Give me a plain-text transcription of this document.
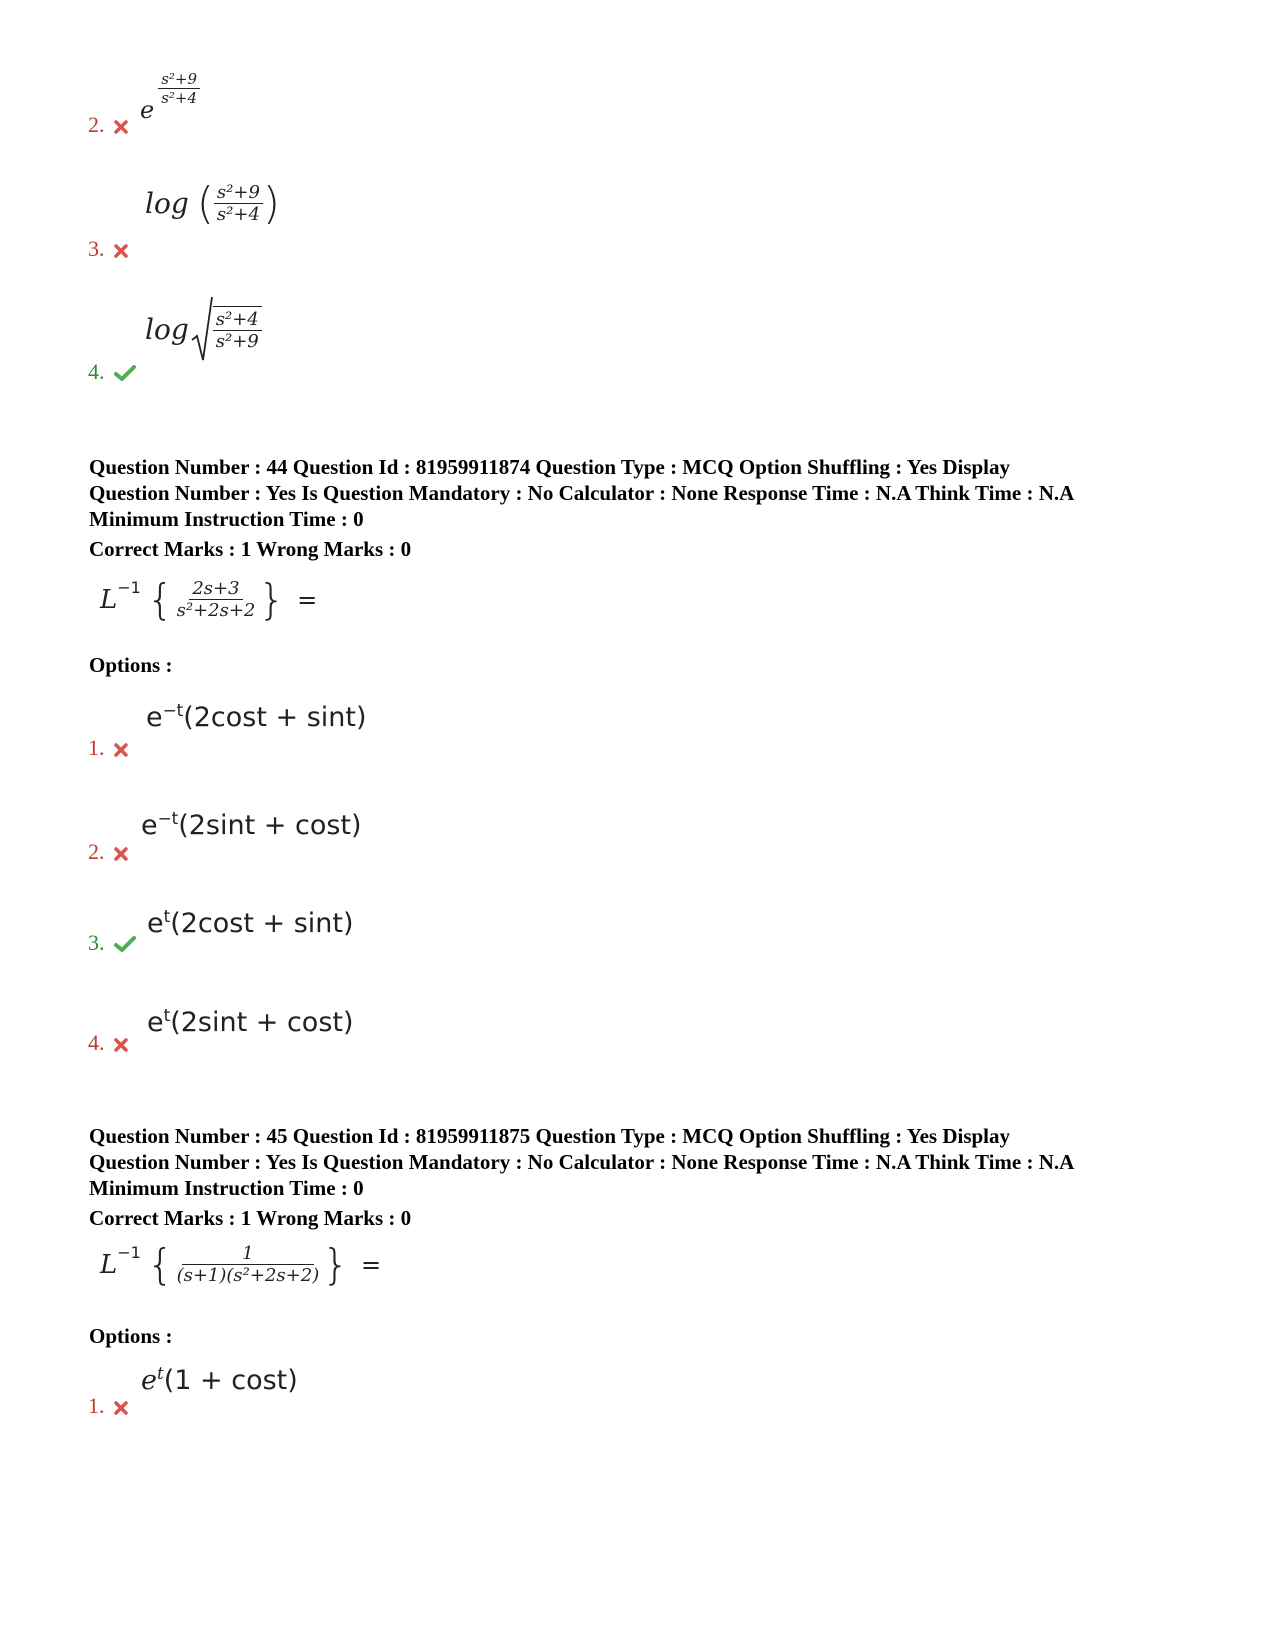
e
$\frac{\text{s²+9}}{\text{s²+4}}$
2.
log ( $\frac{\text{s²+9}}{\text{s²+4}}$ )
3.
$\log \frac{\text{s²+4}}{\text{s²+9}}$
4.
Question Number : 44 Question Id : 81959911874 Question Type : MCQ Option Shuffling : Yes Display
Question Number : Yes Is Question Mandatory : No Calculator : None Response Time : N.A Think Time : N.A
Minimum Instruction Time : 0
Correct Marks : 1 Wrong Marks : 0
$L^{-1}$ { $\frac{2s+3}{\text{s²+2s+2}}$ } =
Options :
$e^{-t}(2\cos t + \sin t)$
1.
$e^{-t}(2\sin t + \cos t)$
2.
$e^t(2\cos t + \sin t)$
3.
$e^t(2\sin t + \cos t)$
4.
Question Number : 45 Question Id : 81959911875 Question Type : MCQ Option Shuffling : Yes Display
Question Number : Yes Is Question Mandatory : No Calculator : None Response Time : N.A Think Time : N.A
Minimum Instruction Time : 0
Correct Marks : 1 Wrong Marks : 0
$L^{-1}$ { $\frac{1}{\text{(s+1)(s²+2s+2)}}$ } =
Options :
$e^t(1 + \cos t)$
1.
